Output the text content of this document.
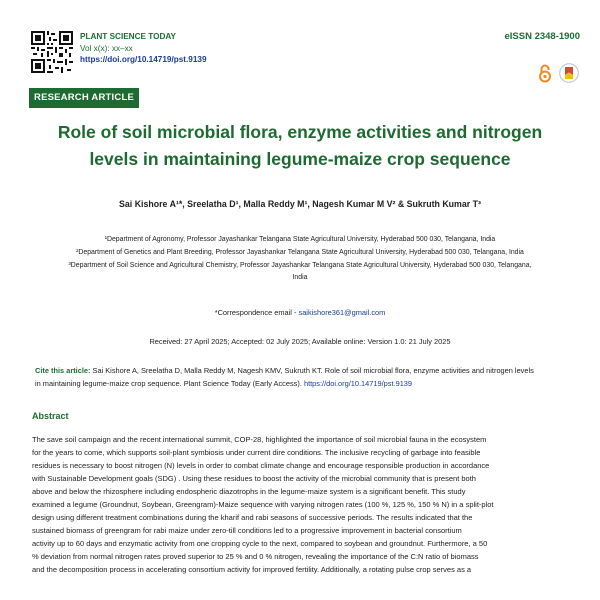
PLANT SCIENCE TODAY
Vol x(x): xx–xx
https://doi.org/10.14719/pst.9139
eISSN 2348-1900
RESEARCH ARTICLE
Role of soil microbial flora, enzyme activities and nitrogen
levels in maintaining legume-maize crop sequence
Sai Kishore A¹*, Sreelatha D¹, Malla Reddy M¹, Nagesh Kumar M V² & Sukruth Kumar T³
¹Department of Agronomy, Professor Jayashankar Telangana State Agricultural University, Hyderabad 500 030, Telangana, India
²Department of Genetics and Plant Breeding, Professor Jayashankar Telangana State Agricultural University, Hyderabad 500 030, Telangana, India
³Department of Soil Science and Agricultural Chemistry, Professor Jayashankar Telangana State Agricultural University, Hyderabad 500 030, Telangana,
India
*Correspondence email - saikishore361@gmail.com
Received: 27 April 2025; Accepted: 02 July 2025; Available online: Version 1.0: 21 July 2025
Cite this article: Sai Kishore A, Sreelatha D, Malla Reddy M, Nagesh KMV, Sukruth KT. Role of soil microbial flora, enzyme activities and nitrogen levels
in maintaining legume-maize crop sequence. Plant Science Today (Early Access). https://doi.org/10.14719/pst.9139
Abstract

The save soil campaign and the recent international summit, COP-28, highlighted the importance of soil microbial fauna in the ecosystem

for the years to come, which supports soil-plant symbiosis under current dire conditions. The inclusive recycling of garbage into feasible

residues is necessary to boost nitrogen (N) levels in order to combat climate change and encourage responsible production in accordance

with Sustainable Development goals (SDG) . Using these residues to boost the activity of the microbial community that is present both

above and below the rhizosphere including endospheric diazotrophs in the legume-maize system is a significant benefit. This study

examined a legume (Groundnut, Soybean, Greengram)-Maize sequence with varying nitrogen rates (100 %, 125 %, 150 % N) in a split-plot

design using different treatment combinations during the kharif and rabi seasons of successive periods. The results indicated that the

sustained biomass of greengram for rabi maize under zero-till conditions led to a progressive improvement in bacterial consortium

activity up to 60 days and enzymatic activity from one cropping cycle to the next, compared to soybean and groundnut. Furthermore, a 50

% deviation from normal nitrogen rates proved superior to 25 % and 0 % nitrogen, revealing the importance of the C:N ratio of biomass

and the decomposition process in accelerating consortium activity for improved fertility. Additionally, a rotating pulse crop serves as a
